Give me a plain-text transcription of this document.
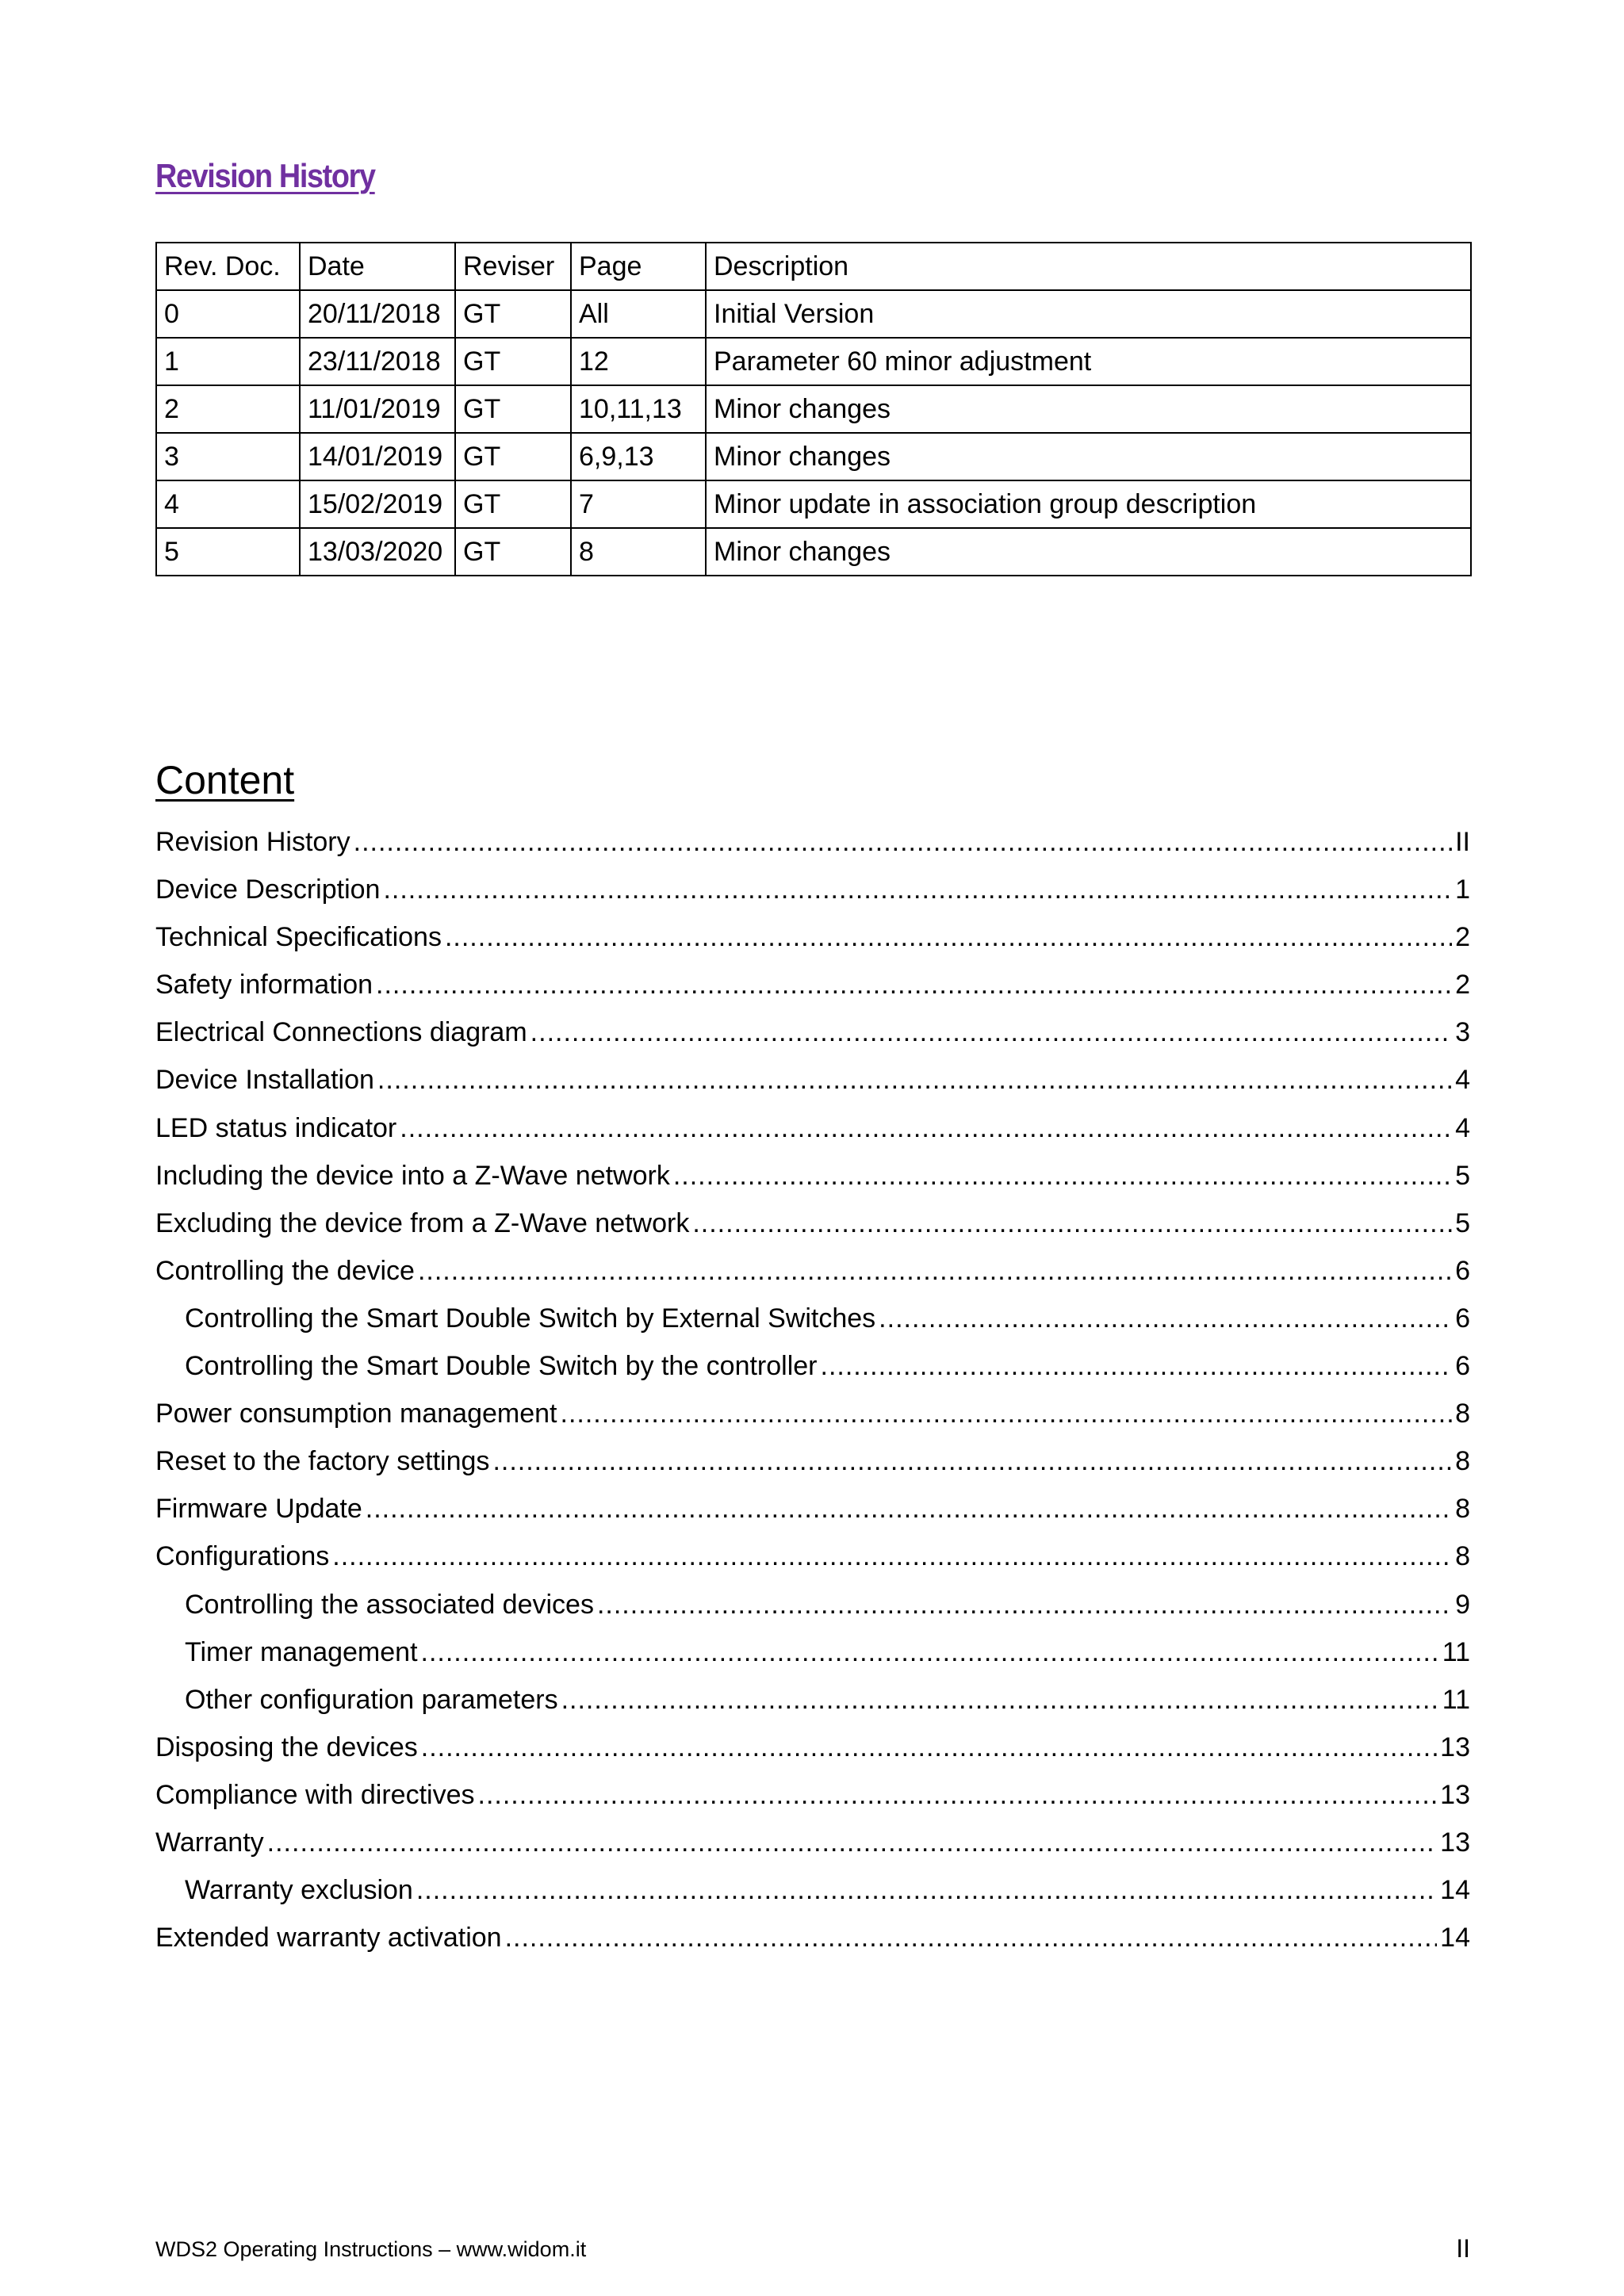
Revision History
Rev. Doc.	Date	Reviser	Page	Description
0	20/11/2018	GT	All	Initial Version
1	23/11/2018	GT	12	Parameter 60 minor adjustment
2	11/01/2019	GT	10,11,13	Minor changes
3	14/01/2019	GT	6,9,13	Minor changes
4	15/02/2019	GT	7	Minor update in association group description
5	13/03/2020	GT	8	Minor changes
Content
Revision History .....	II
Device Description .....	1
Technical Specifications .....	2
Safety information .....	2
Electrical Connections diagram .....	3
Device Installation .....	4
LED status indicator .....	4
Including the device into a Z-Wave network .....	5
Excluding the device from a Z-Wave network .....	5
Controlling the device .....	6
Controlling the Smart Double Switch by External Switches .....	6
Controlling the Smart Double Switch by the controller .....	6
Power consumption management .....	8
Reset to the factory settings .....	8
Firmware Update .....	8
Configurations .....	8
Controlling the associated devices .....	9
Timer management .....	11
Other configuration parameters .....	11
Disposing the devices .....	13
Compliance with directives .....	13
Warranty .....	13
Warranty exclusion .....	14
Extended warranty activation .....	14
WDS2 Operating Instructions – www.widom.it	II
